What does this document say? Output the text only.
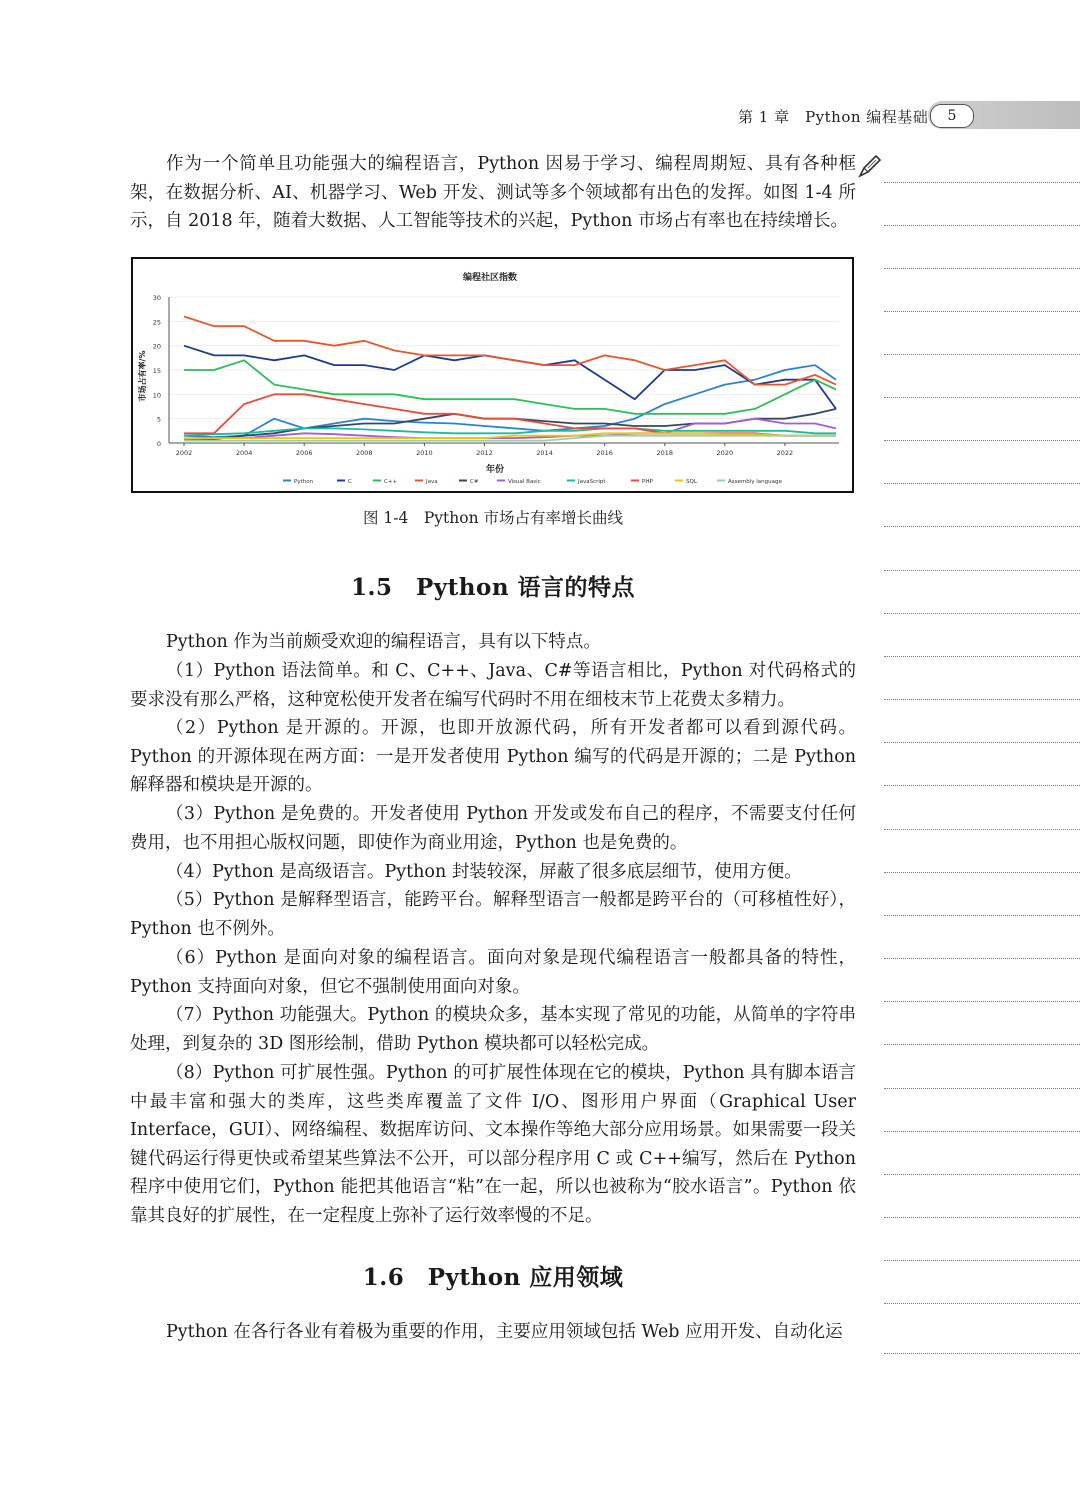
第 1 章　Python 编程基础	5

作为一个简单且功能强大的编程语言，Python 因易于学习、编程周期短、具有各种框架，在数据分析、AI、机器学习、Web 开发、测试等多个领域都有出色的发挥。如图 1-4 所示，自 2018 年，随着大数据、人工智能等技术的兴起，Python 市场占有率也在持续增长。

编程社区指数
年份
市场占有率/%
0
5
10
15
20
25
30
2002	2004	2006	2008	2010	2012	2014	2016	2018	2020	2022
Python	C	C++	Java	C#	Visual Basic	JavaScript	PHP	SQL	Assembly language
图 1-4　Python 市场占有率增长曲线
1.5　Python 语言的特点

Python 作为当前颇受欢迎的编程语言，具有以下特点。

（1）Python 语法简单。和 C、C++、Java、C#等语言相比，Python 对代码格式的要求没有那么严格，这种宽松使开发者在编写代码时不用在细枝末节上花费太多精力。

（2）Python 是开源的。开源，也即开放源代码，所有开发者都可以看到源代码。Python 的开源体现在两方面：一是开发者使用 Python 编写的代码是开源的；二是 Python 解释器和模块是开源的。

（3）Python 是免费的。开发者使用 Python 开发或发布自己的程序，不需要支付任何费用，也不用担心版权问题，即使作为商业用途，Python 也是免费的。

（4）Python 是高级语言。Python 封装较深，屏蔽了很多底层细节，使用方便。

（5）Python 是解释型语言，能跨平台。解释型语言一般都是跨平台的（可移植性好），Python 也不例外。

（6）Python 是面向对象的编程语言。面向对象是现代编程语言一般都具备的特性，Python 支持面向对象，但它不强制使用面向对象。

（7）Python 功能强大。Python 的模块众多，基本实现了常见的功能，从简单的字符串处理，到复杂的 3D 图形绘制，借助 Python 模块都可以轻松完成。

（8）Python 可扩展性强。Python 的可扩展性体现在它的模块，Python 具有脚本语言中最丰富和强大的类库，这些类库覆盖了文件 I/O、图形用户界面（Graphical User Interface，GUI）、网络编程、数据库访问、文本操作等绝大部分应用场景。如果需要一段关键代码运行得更快或希望某些算法不公开，可以部分程序用 C 或 C++编写，然后在 Python 程序中使用它们，Python 能把其他语言“粘”在一起，所以也被称为“胶水语言”。Python 依靠其良好的扩展性，在一定程度上弥补了运行效率慢的不足。

1.6　Python 应用领域

Python 在各行各业有着极为重要的作用，主要应用领域包括 Web 应用开发、自动化运
